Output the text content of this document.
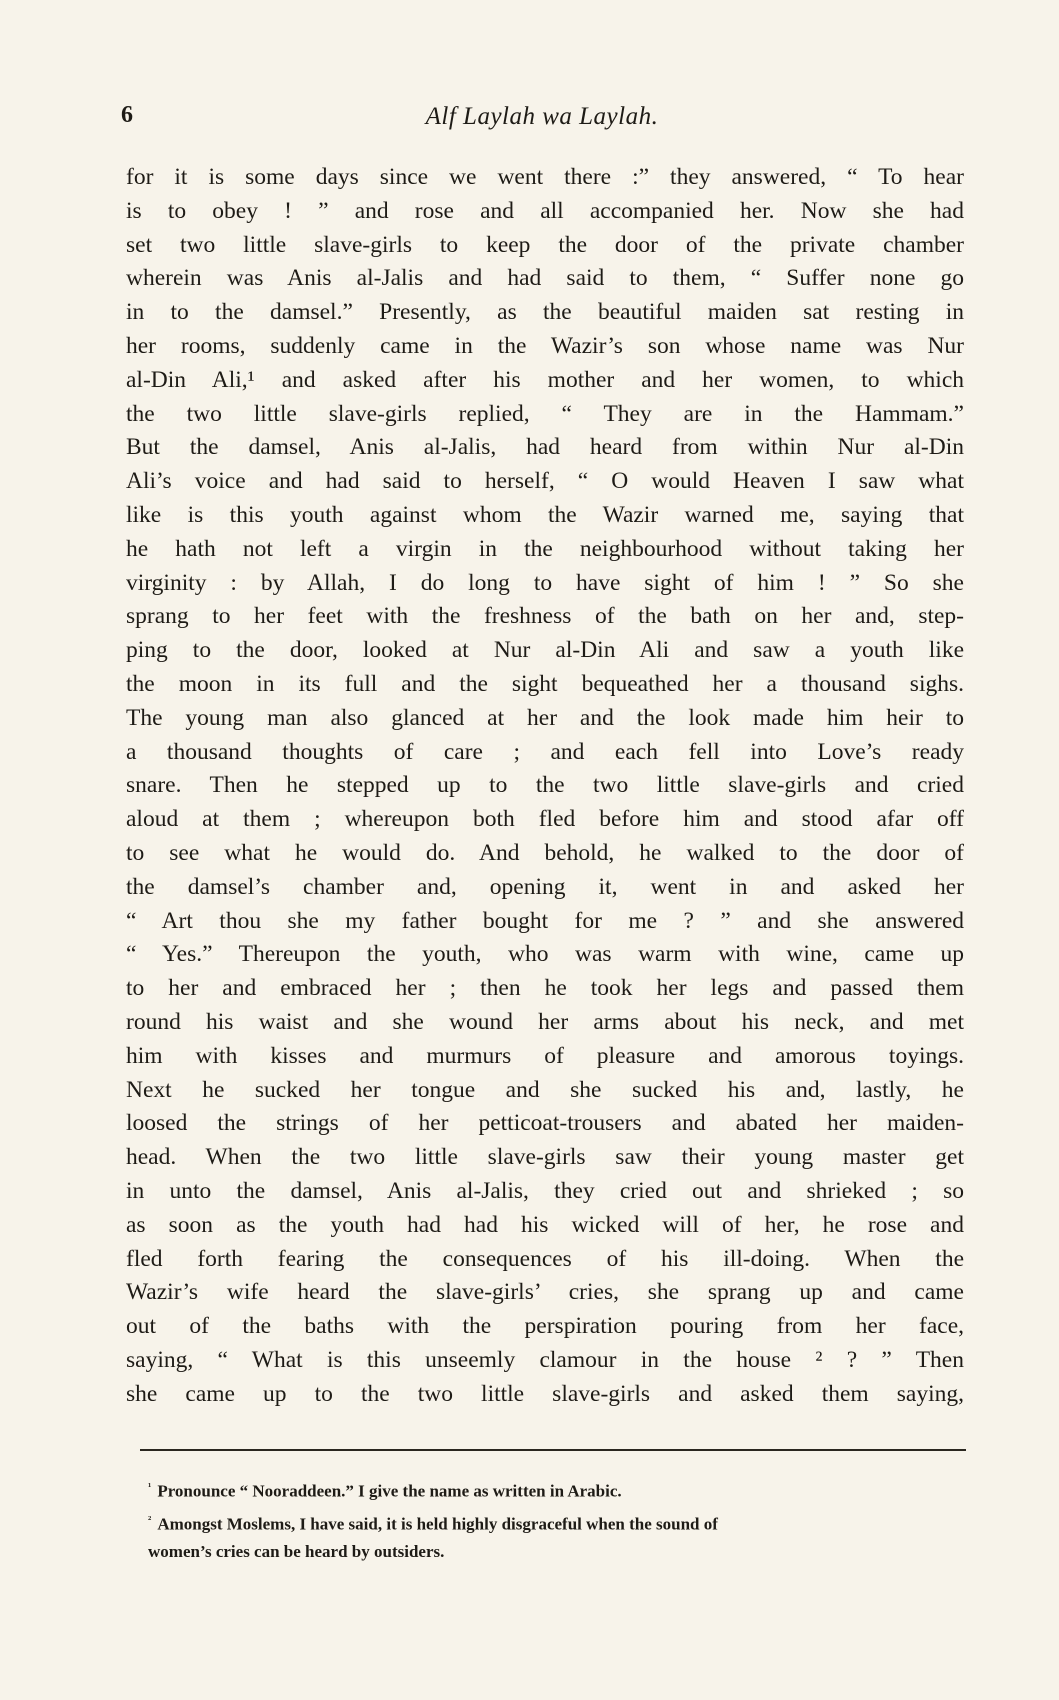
6	Alf Laylah wa Laylah.
for it is some days since we went there :” they answered, “ To hear
is to obey ! ” and rose and all accompanied her. Now she had
set two little slave-girls to keep the door of the private chamber
wherein was Anis al-Jalis and had said to them, “ Suffer none go
in to the damsel.” Presently, as the beautiful maiden sat resting in
her rooms, suddenly came in the Wazir’s son whose name was Nur
al-Din Ali,¹ and asked after his mother and her women, to which
the two little slave-girls replied, “ They are in the Hammam.”
But the damsel, Anis al-Jalis, had heard from within Nur al-Din
Ali’s voice and had said to herself, “ O would Heaven I saw what
like is this youth against whom the Wazir warned me, saying that
he hath not left a virgin in the neighbourhood without taking her
virginity : by Allah, I do long to have sight of him ! ” So she
sprang to her feet with the freshness of the bath on her and, step-
ping to the door, looked at Nur al-Din Ali and saw a youth like
the moon in its full and the sight bequeathed her a thousand sighs.
The young man also glanced at her and the look made him heir to
a thousand thoughts of care ; and each fell into Love’s ready
snare. Then he stepped up to the two little slave-girls and cried
aloud at them ; whereupon both fled before him and stood afar off
to see what he would do. And behold, he walked to the door of
the damsel’s chamber and, opening it, went in and asked her
“ Art thou she my father bought for me ? ” and she answered
“ Yes.” Thereupon the youth, who was warm with wine, came up
to her and embraced her ; then he took her legs and passed them
round his waist and she wound her arms about his neck, and met
him with kisses and murmurs of pleasure and amorous toyings.
Next he sucked her tongue and she sucked his and, lastly, he
loosed the strings of her petticoat-trousers and abated her maiden-
head. When the two little slave-girls saw their young master get
in unto the damsel, Anis al-Jalis, they cried out and shrieked ; so
as soon as the youth had had his wicked will of her, he rose and
fled forth fearing the consequences of his ill-doing. When the
Wazir’s wife heard the slave-girls’ cries, she sprang up and came
out of the baths with the perspiration pouring from her face,
saying, “ What is this unseemly clamour in the house ² ? ” Then
she came up to the two little slave-girls and asked them saying,
$^{^1}$ Pronounce “ Nooraddeen.” I give the name as written in Arabic.
$^{^2}$ Amongst Moslems, I have said, it is held highly disgraceful when the sound of
women’s cries can be heard by outsiders.
